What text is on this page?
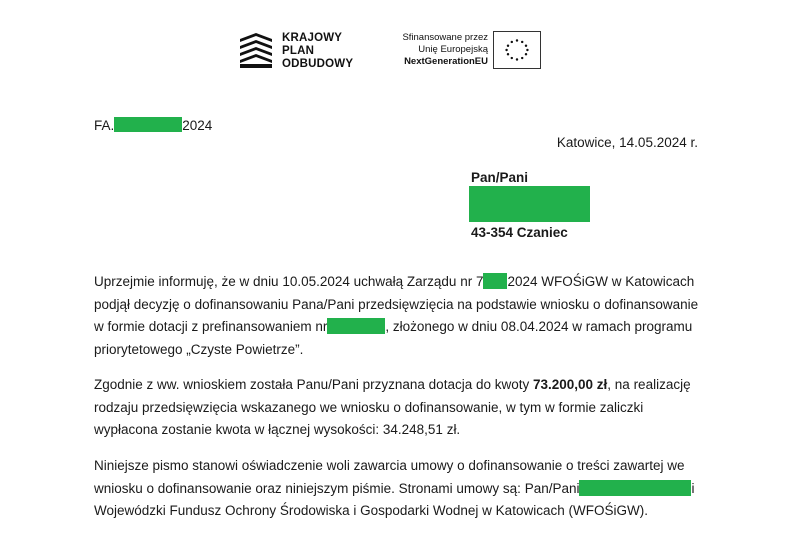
KRAJOWY
PLAN
ODBUDOWY
Sfinansowane przez
Unię Europejską
NextGenerationEU
FA.	2024
Katowice, 14.05.2024 r.
Pan/Pani
43-354 Czaniec
Uprzejmie informuję, że w dniu 10.05.2024 uchwałą Zarządu nr 7 2024 WFOŚiGW w Katowicach
podjął decyzję o dofinansowaniu Pana/Pani przedsięwzięcia na podstawie wniosku o dofinansowanie
w formie dotacji z prefinansowaniem nr	, złożonego w dniu 08.04.2024 w ramach programu
priorytetowego „Czyste Powietrze”.
Zgodnie z ww. wnioskiem została Panu/Pani przyznana dotacja do kwoty 73.200,00 zł, na realizację
rodzaju przedsięwzięcia wskazanego we wniosku o dofinansowanie, w tym w formie zaliczki
wypłacona zostanie kwota w łącznej wysokości: 34.248,51 zł.
Niniejsze pismo stanowi oświadczenie woli zawarcia umowy o dofinansowanie o treści zawartej we
wniosku o dofinansowanie oraz niniejszym piśmie. Stronami umowy są: Pan/Pani	i
Wojewódzki Fundusz Ochrony Środowiska i Gospodarki Wodnej w Katowicach (WFOŚiGW).
